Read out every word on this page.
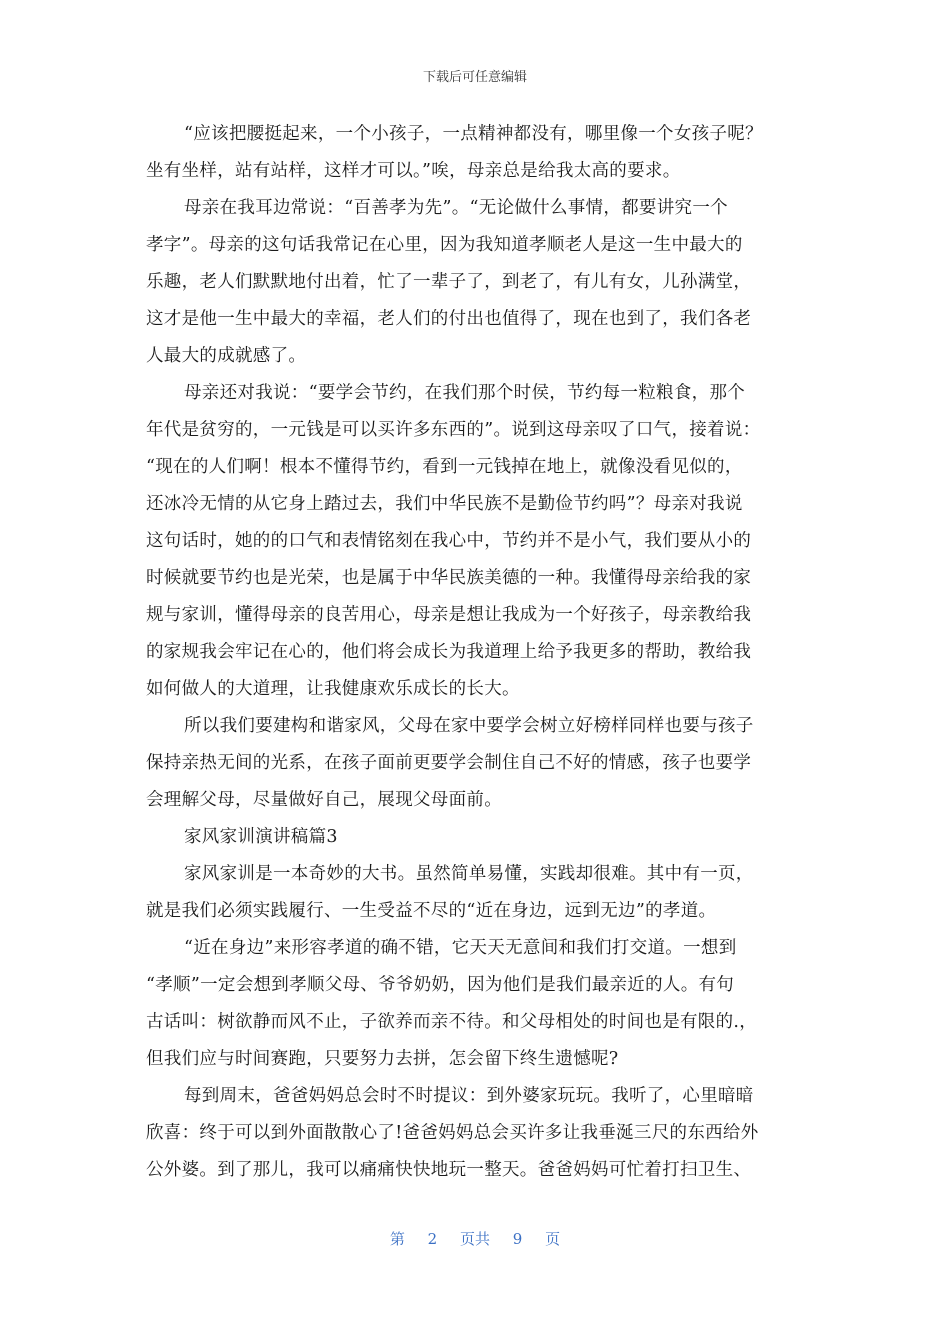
下载后可任意编辑
“应该把腰挺起来，一个小孩子，一点精神都没有，哪里像一个女孩子呢？
坐有坐样，站有站样，这样才可以。”唉，母亲总是给我太高的要求。
母亲在我耳边常说：“百善孝为先”。“无论做什么事情，都要讲究一个
孝字”。母亲的这句话我常记在心里，因为我知道孝顺老人是这一生中最大的
乐趣，老人们默默地付出着，忙了一辈子了，到老了，有儿有女，儿孙满堂，
这才是他一生中最大的幸福，老人们的付出也值得了，现在也到了，我们各老
人最大的成就感了。
母亲还对我说：“要学会节约，在我们那个时侯，节约每一粒粮食，那个
年代是贫穷的，一元钱是可以买许多东西的”。说到这母亲叹了口气，接着说：
“现在的人们啊！根本不懂得节约，看到一元钱掉在地上，就像没看见似的，
还冰冷无情的从它身上踏过去，我们中华民族不是勤俭节约吗”？母亲对我说
这句话时，她的的口气和表情铭刻在我心中，节约并不是小气，我们要从小的
时候就要节约也是光荣，也是属于中华民族美德的一种。我懂得母亲给我的家
规与家训，懂得母亲的良苦用心，母亲是想让我成为一个好孩子，母亲教给我
的家规我会牢记在心的，他们将会成长为我道理上给予我更多的帮助，教给我
如何做人的大道理，让我健康欢乐成长的长大。
所以我们要建构和谐家风，父母在家中要学会树立好榜样同样也要与孩子
保持亲热无间的光系，在孩子面前更要学会制住自己不好的情感，孩子也要学
会理解父母，尽量做好自己，展现父母面前。
家风家训演讲稿篇3
家风家训是一本奇妙的大书。虽然简单易懂，实践却很难。其中有一页，
就是我们必须实践履行、一生受益不尽的“近在身边，远到无边”的孝道。
“近在身边”来形容孝道的确不错，它天天无意间和我们打交道。一想到
“孝顺”一定会想到孝顺父母、爷爷奶奶，因为他们是我们最亲近的人。有句
古话叫：树欲静而风不止，子欲养而亲不待。和父母相处的时间也是有限的.，
但我们应与时间赛跑，只要努力去拼，怎会留下终生遗憾呢?
每到周末，爸爸妈妈总会时不时提议：到外婆家玩玩。我听了，心里暗暗
欣喜：终于可以到外面散散心了!爸爸妈妈总会买许多让我垂涎三尺的东西给外
公外婆。到了那儿，我可以痛痛快快地玩一整天。爸爸妈妈可忙着打扫卫生、
第 2 页共 9 页
